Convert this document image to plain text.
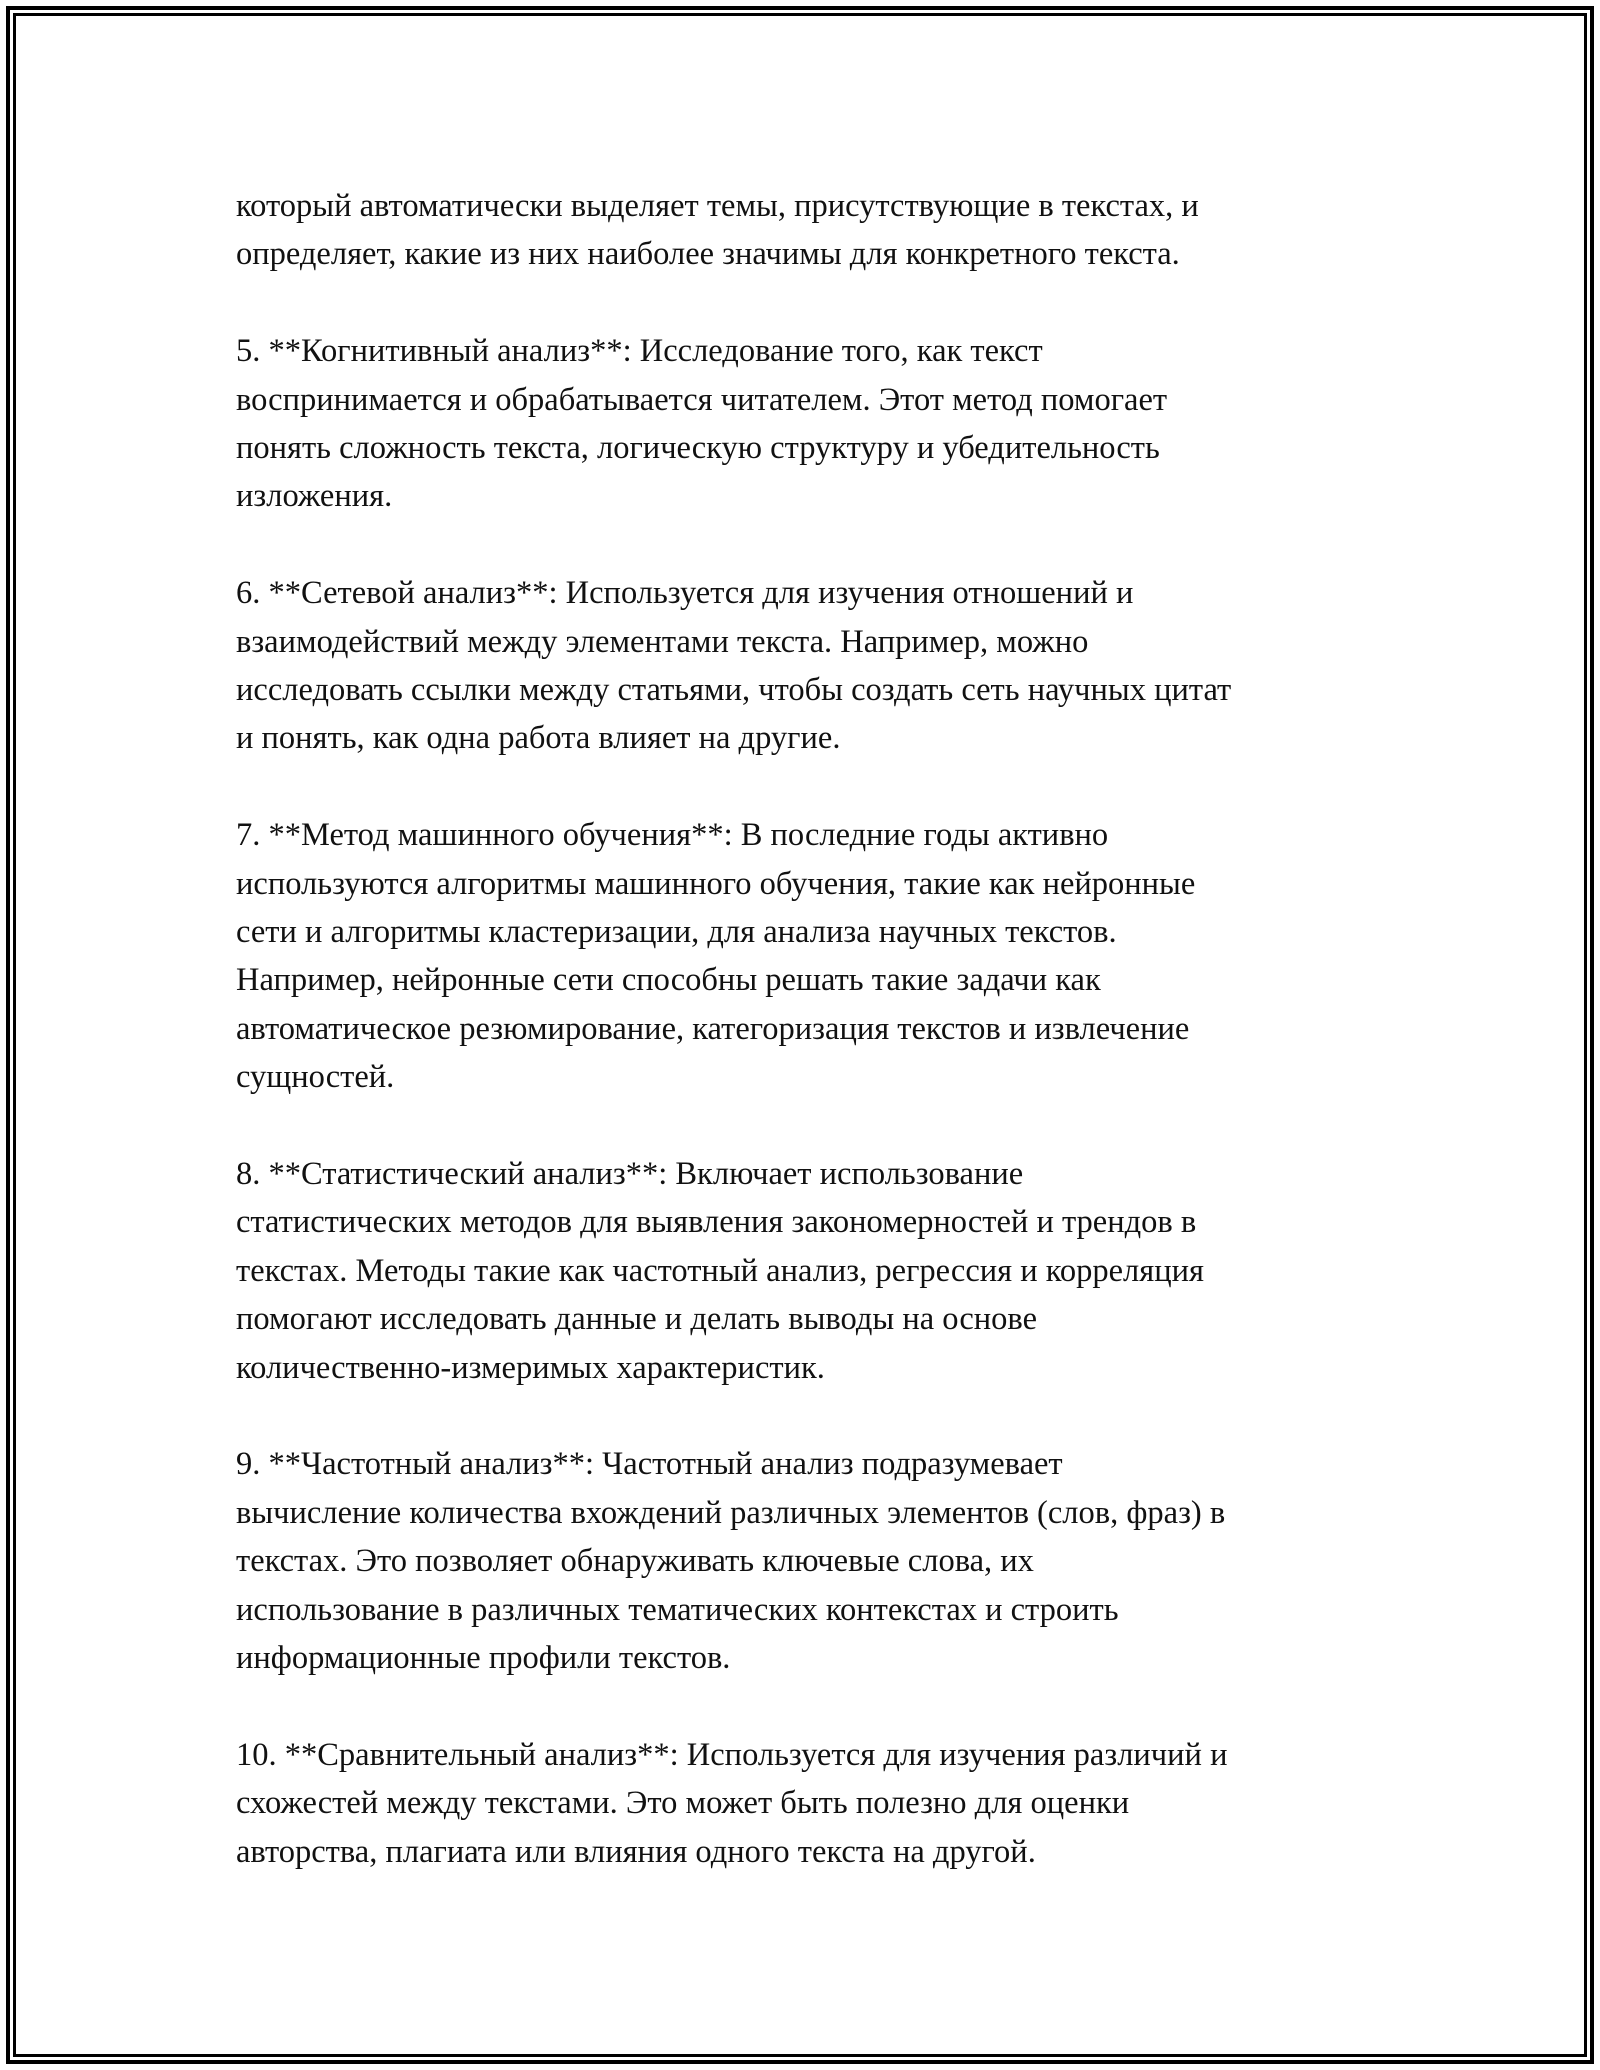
который автоматически выделяет темы, присутствующие в текстах, и
определяет, какие из них наиболее значимы для конкретного текста.

5. **Когнитивный анализ**: Исследование того, как текст
воспринимается и обрабатывается читателем. Этот метод помогает
понять сложность текста, логическую структуру и убедительность
изложения.

6. **Сетевой анализ**: Используется для изучения отношений и
взаимодействий между элементами текста. Например, можно
исследовать ссылки между статьями, чтобы создать сеть научных цитат
и понять, как одна работа влияет на другие.

7. **Метод машинного обучения**: В последние годы активно
используются алгоритмы машинного обучения, такие как нейронные
сети и алгоритмы кластеризации, для анализа научных текстов.
Например, нейронные сети способны решать такие задачи как
автоматическое резюмирование, категоризация текстов и извлечение
сущностей.

8. **Статистический анализ**: Включает использование
статистических методов для выявления закономерностей и трендов в
текстах. Методы такие как частотный анализ, регрессия и корреляция
помогают исследовать данные и делать выводы на основе
количественно-измеримых характеристик.

9. **Частотный анализ**: Частотный анализ подразумевает
вычисление количества вхождений различных элементов (слов, фраз) в
текстах. Это позволяет обнаруживать ключевые слова, их
использование в различных тематических контекстах и строить
информационные профили текстов.

10. **Сравнительный анализ**: Используется для изучения различий и
схожестей между текстами. Это может быть полезно для оценки
авторства, плагиата или влияния одного текста на другой.
